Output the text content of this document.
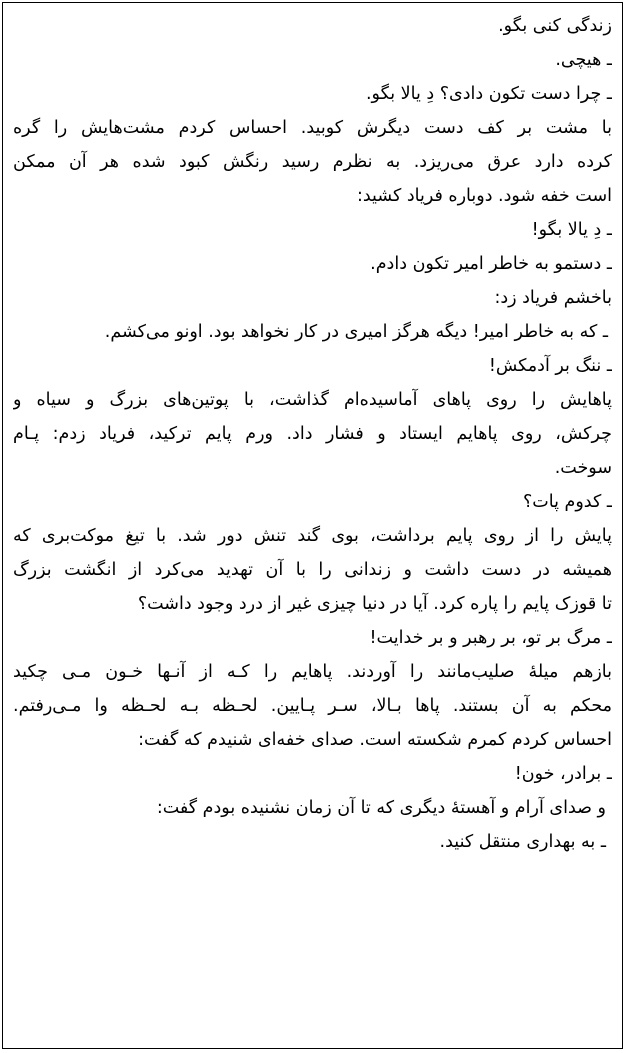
زندگی کنی بگو.
ـ هیچی.
ـ چرا دست تکون دادی؟ دِ یالا بگو.
با مشت بر کف دست دیگرش کوبید. احساس کردم مشت‌هایش را گره
کرده دارد عرق می‌ریزد. به نظرم رسید رنگش کبود شده هر آن ممکن
است خفه شود. دوباره فریاد کشید:
ـ دِ یالا بگو!
ـ دستمو به خاطر امیر تکون دادم.
باخشم فریاد زد:
ـ که به خاطر امیر! دیگه هرگز امیری در کار نخواهد بود. اونو می‌کشم.
ـ ننگ بر آدمکش!
پاهایش را روی پاهای آماسیده‌ام گذاشت، با پوتین‌های بزرگ و سیاه و
چرکش، روی پاهایم ایستاد و فشار داد. ورم پایم ترکید، فریاد زدم: پـام
سوخت.
ـ کدوم پات؟
پایش را از روی پایم برداشت، بوی گند تنش دور شد. با تیغ موکت‌بری که
همیشه در دست داشت و زندانی را با آن تهدید می‌کرد از انگشت بزرگ
تا قوزک پایم را پاره کرد. آیا در دنیا چیزی غیر از درد وجود داشت؟
ـ مرگ بر تو، بر رهبر و بر خدایت!
بازهم میلهٔ صلیب‌مانند را آوردند. پاهایم را کـه از آنـها خـون مـی چکید
محکم به آن بستند. پاها بـالا، سـر پـایین. لحـظه بـه لحـظه وا مـی‌رفتم.
احساس کردم کمرم شکسته است. صدای خفه‌ای شنیدم که گفت:
ـ برادر، خون!
و صدای آرام و آهستهٔ دیگری که تا آن زمان نشنیده بودم گفت:
ـ به بهداری منتقل کنید.
